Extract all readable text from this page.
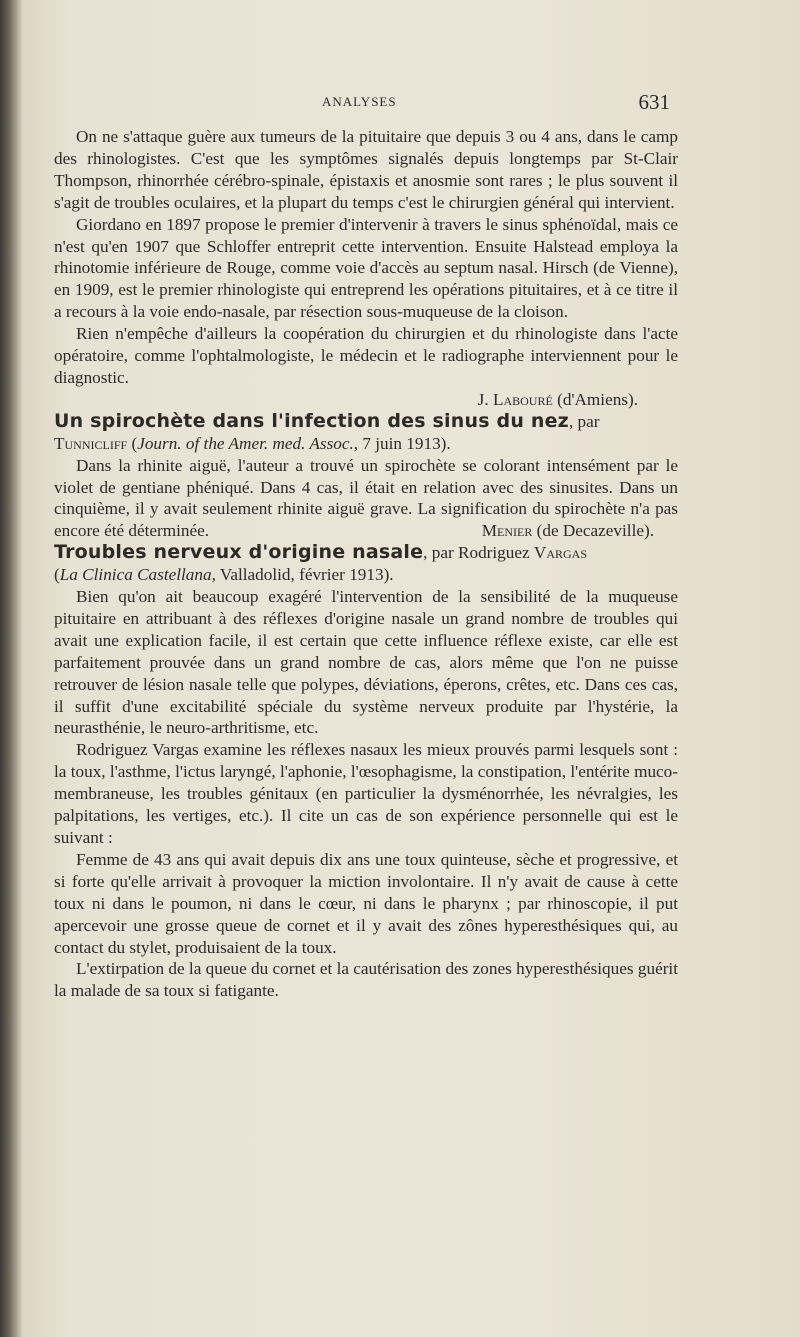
ANALYSES	631

On ne s'attaque guère aux tumeurs de la pituitaire que depuis 3 ou 4 ans, dans le camp des rhinologistes. C'est que les symptômes signalés depuis longtemps par St-Clair Thompson, rhinorrhée cérébro-spinale, épistaxis et anosmie sont rares ; le plus souvent il s'agit de troubles oculaires, et la plupart du temps c'est le chirurgien général qui intervient.

Giordano en 1897 propose le premier d'intervenir à travers le sinus sphénoïdal, mais ce n'est qu'en 1907 que Schloffer entreprit cette intervention. Ensuite Halstead employa la rhinotomie inférieure de Rouge, comme voie d'accès au septum nasal. Hirsch (de Vienne), en 1909, est le premier rhinologiste qui entreprend les opérations pituitaires, et à ce titre il a recours à la voie endo-nasale, par résection sous-muqueuse de la cloison.

Rien n'empêche d'ailleurs la coopération du chirurgien et du rhinologiste dans l'acte opératoire, comme l'ophtalmologiste, le médecin et le radiographe interviennent pour le diagnostic.

J. Labouré (d'Amiens).

Un spirochète dans l'infection des sinus du nez, par

Tunnicliff (Journ. of the Amer. med. Assoc., 7 juin 1913).

Dans la rhinite aiguë, l'auteur a trouvé un spirochète se colorant intensément par le violet de gentiane phéniqué. Dans 4 cas, il était en relation avec des sinusites. Dans un cinquième, il y avait seulement rhinite aiguë grave. La signification du spirochète n'a pas encore été déterminée.	Menier (de Decazeville).

Troubles nerveux d'origine nasale, par Rodriguez Vargas

(La Clinica Castellana, Valladolid, février 1913).

Bien qu'on ait beaucoup exagéré l'intervention de la sensibilité de la muqueuse pituitaire en attribuant à des réflexes d'origine nasale un grand nombre de troubles qui avait une explication facile, il est certain que cette influence réflexe existe, car elle est parfaitement prouvée dans un grand nombre de cas, alors même que l'on ne puisse retrouver de lésion nasale telle que polypes, déviations, éperons, crêtes, etc. Dans ces cas, il suffit d'une excitabilité spéciale du système nerveux produite par l'hystérie, la neurasthénie, le neuro-arthritisme, etc.

Rodriguez Vargas examine les réflexes nasaux les mieux prouvés parmi lesquels sont : la toux, l'asthme, l'ictus laryngé, l'aphonie, l'œsophagisme, la constipation, l'entérite muco-membraneuse, les troubles génitaux (en particulier la dysménorrhée, les névralgies, les palpitations, les vertiges, etc.). Il cite un cas de son expérience personnelle qui est le suivant :

Femme de 43 ans qui avait depuis dix ans une toux quinteuse, sèche et progressive, et si forte qu'elle arrivait à provoquer la miction involontaire. Il n'y avait de cause à cette toux ni dans le poumon, ni dans le cœur, ni dans le pharynx ; par rhinoscopie, il put apercevoir une grosse queue de cornet et il y avait des zônes hyperesthésiques qui, au contact du stylet, produisaient de la toux.

L'extirpation de la queue du cornet et la cautérisation des zones hyperesthésiques guérit la malade de sa toux si fatigante.
